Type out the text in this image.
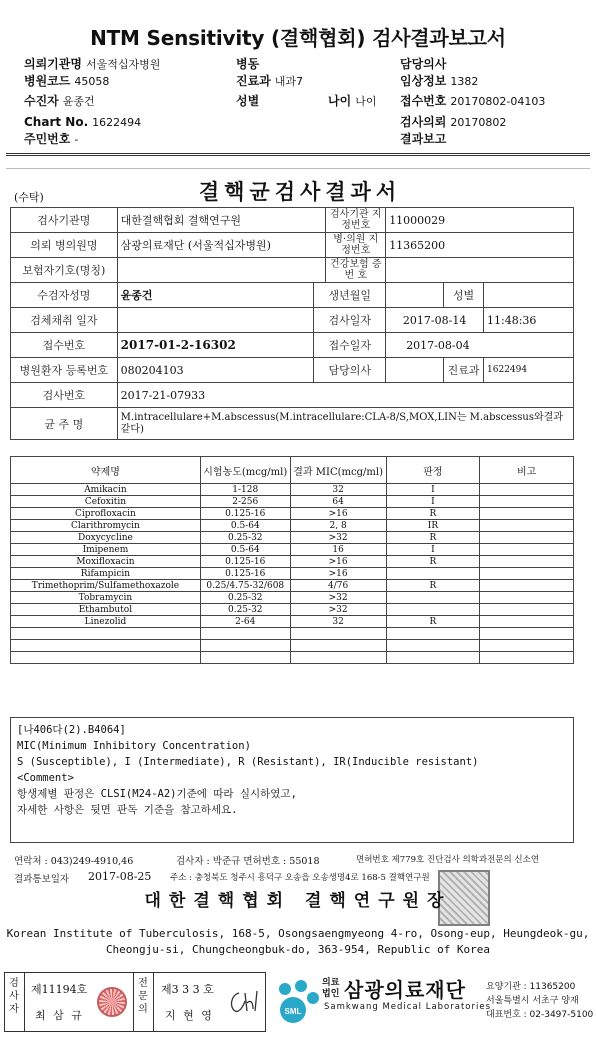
NTM Sensitivity (결핵협회) 검사결과보고서
의뢰기관명 서울적십자병원	병동	담당의사
병원코드 45058	진료과 내과7	임상정보 1382
수진자 윤종건	성별	나이 나이 접수번호 20170802-04103
Chart No. 1622494	검사의뢰 20170802
주민번호 -	결과보고
(수탁)	결핵균검사결과서
검사기관명	대한결핵협회 결핵연구원		검사기관 지정번호	11000029		
의뢰 병의원명	삼광의료재단 (서울적십자병원)		병·의원 지정번호	11365200		
보험자기호(명칭)			건강보험 증 번 호			
수검자성명	윤종건	생년월일			성별	
검체채취 일자		검사일자		2017-08-14		11:48:36
접수번호	2017-01-2-16302	접수일자		2017-08-04		
병원환자 등록번호	080204103	담당의사			진료과	1622494
검사번호	2017-21-07933					
균 주 명	M.intracellulare+M.abscessus(M.intracellulare:CLA-8/S,MOX,LIN는 M.abscessus와결과같다)					
약제명	시험농도(mcg/ml)	결과 MIC(mcg/ml)	판정	비고
Amikacin	1-128	32	I	
Cefoxitin	2-256	64	I	
Ciprofloxacin	0.125-16	>16	R	
Clarithromycin	0.5-64	2, 8	IR	
Doxycycline	0.25-32	>32	R	
Imipenem	0.5-64	16	I	
Moxifloxacin	0.125-16	>16	R	
Rifampicin	0.125-16	>16		
Trimethoprim/Sulfamethoxazole	0.25/4.75-32/608	4/76	R	
Tobramycin	0.25-32	>32		
Ethambutol	0.25-32	>32		
Linezolid	2-64	32	R	

[나406다(2).B4064]
MIC(Minimum Inhibitory Concentration)
S (Susceptible), I (Intermediate), R (Resistant), IR(Inducible resistant)
<Comment>
항생제별 판정은 CLSI(M24-A2)기준에 따라 실시하였고,
자세한 사항은 뒷면 판독 기준을 참고하세요.
연락처 : 043)249-4910,46	검사자 : 박준규 면허번호 : 55018	면허번호 제779호 진단검사 의학과전문의 신소연
결과통보일자 2017-08-25 주소 : 충청북도 청주시 흥덕구 오송읍 오송생명4로 168-5 결핵연구원
대한결핵협회 결핵연구원장
Korean Institute of Tuberculosis, 168-5, Osongsaengmyeong 4-ro, Osong-eup, Heungdeok-gu,
Cheongju-si, Chungcheongbuk-do, 363-954, Republic of Korea
검
사
자
제11194호
최 삼 규
전
문
의
제3 3 3 호
지 현 영	SML
의료
법인 삼광의료재단
Samkwang Medical Laboratories
요양기관 : 11365200
서울특별시 서초구 양재
대표번호 : 02-3497-5100
